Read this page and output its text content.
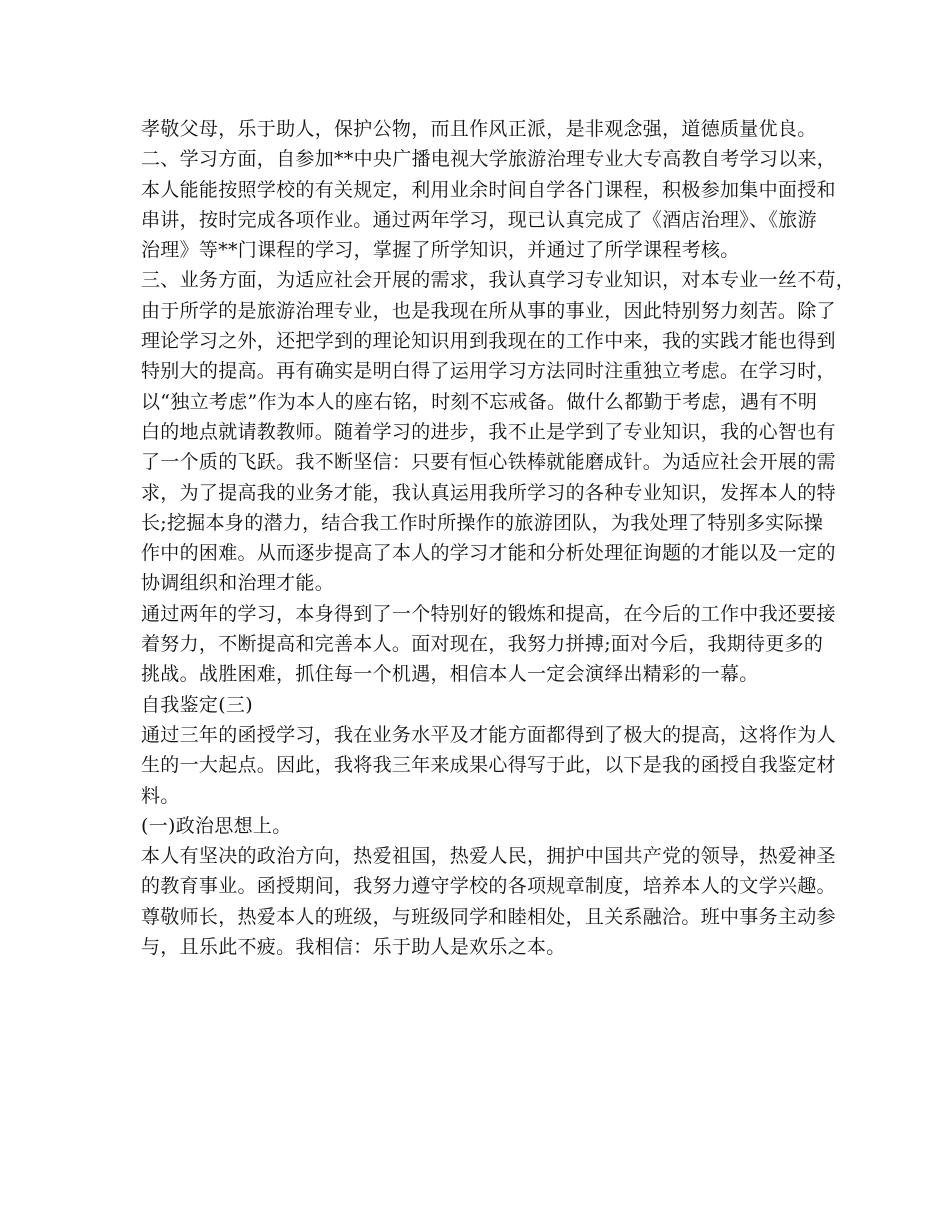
孝敬父母，乐于助人，保护公物，而且作风正派，是非观念强，道德质量优良。
二、学习方面，自参加**中央广播电视大学旅游治理专业大专高教自考学习以来，
本人能能按照学校的有关规定，利用业余时间自学各门课程，积极参加集中面授和
串讲，按时完成各项作业。通过两年学习，现已认真完成了《酒店治理》、《旅游
治理》等**门课程的学习，掌握了所学知识，并通过了所学课程考核。
三、业务方面，为适应社会开展的需求，我认真学习专业知识，对本专业一丝不苟，
由于所学的是旅游治理专业，也是我现在所从事的事业，因此特别努力刻苦。除了
理论学习之外，还把学到的理论知识用到我现在的工作中来，我的实践才能也得到
特别大的提高。再有确实是明白得了运用学习方法同时注重独立考虑。在学习时，
以“独立考虑”作为本人的座右铭，时刻不忘戒备。做什么都勤于考虑，遇有不明
白的地点就请教教师。随着学习的进步，我不止是学到了专业知识，我的心智也有
了一个质的飞跃。我不断坚信：只要有恒心铁棒就能磨成针。为适应社会开展的需
求，为了提高我的业务才能，我认真运用我所学习的各种专业知识，发挥本人的特
长;挖掘本身的潜力，结合我工作时所操作的旅游团队，为我处理了特别多实际操
作中的困难。从而逐步提高了本人的学习才能和分析处理征询题的才能以及一定的
协调组织和治理才能。
通过两年的学习，本身得到了一个特别好的锻炼和提高，在今后的工作中我还要接
着努力，不断提高和完善本人。面对现在，我努力拼搏;面对今后，我期待更多的
挑战。战胜困难，抓住每一个机遇，相信本人一定会演绎出精彩的一幕。
自我鉴定(三)
通过三年的函授学习，我在业务水平及才能方面都得到了极大的提高，这将作为人
生的一大起点。因此，我将我三年来成果心得写于此，以下是我的函授自我鉴定材
料。
(一)政治思想上。
本人有坚决的政治方向，热爱祖国，热爱人民，拥护中国共产党的领导，热爱神圣
的教育事业。函授期间，我努力遵守学校的各项规章制度，培养本人的文学兴趣。
尊敬师长，热爱本人的班级，与班级同学和睦相处，且关系融洽。班中事务主动参
与，且乐此不疲。我相信：乐于助人是欢乐之本。
